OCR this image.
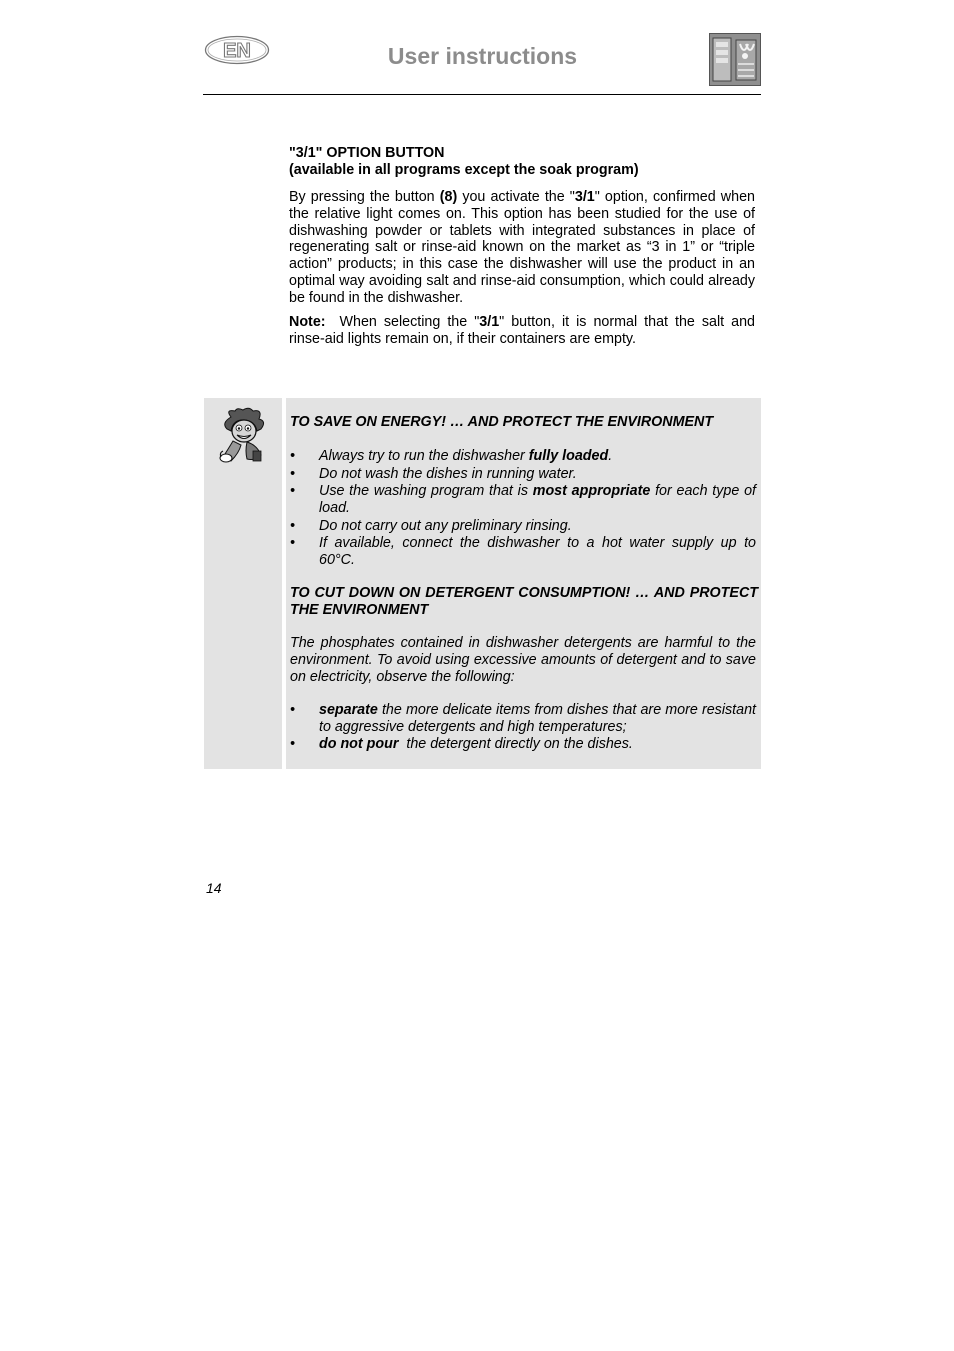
EN	User instructions
"3/1" OPTION BUTTON
(available in all programs except the soak program)
By pressing the button (8) you activate the "3/1" option, confirmed when the relative light comes on. This option has been studied for the use of dishwashing powder or tablets with integrated substances in place of regenerating salt or rinse-aid known on the market as “3 in 1” or “triple action” products; in this case the dishwasher will use the product in an optimal way avoiding salt and rinse-aid consumption, which could already be found in the dishwasher.
Note:  When selecting the "3/1" button, it is normal that the salt and rinse-aid lights remain on, if their containers are empty.
TO SAVE ON ENERGY! … AND PROTECT THE ENVIRONMENT
• Always try to run the dishwasher fully loaded.
• Do not wash the dishes in running water.
• Use the washing program that is most appropriate for each type of load.
• Do not carry out any preliminary rinsing.
• If available, connect the dishwasher to a hot water supply up to 60°C.
TO CUT DOWN ON DETERGENT CONSUMPTION! … AND PROTECT THE ENVIRONMENT
The phosphates contained in dishwasher detergents are harmful to the environment. To avoid using excessive amounts of detergent and to save on electricity, observe the following:
• separate the more delicate items from dishes that are more resistant to aggressive detergents and high temperatures;
• do not pour  the detergent directly on the dishes.
14
